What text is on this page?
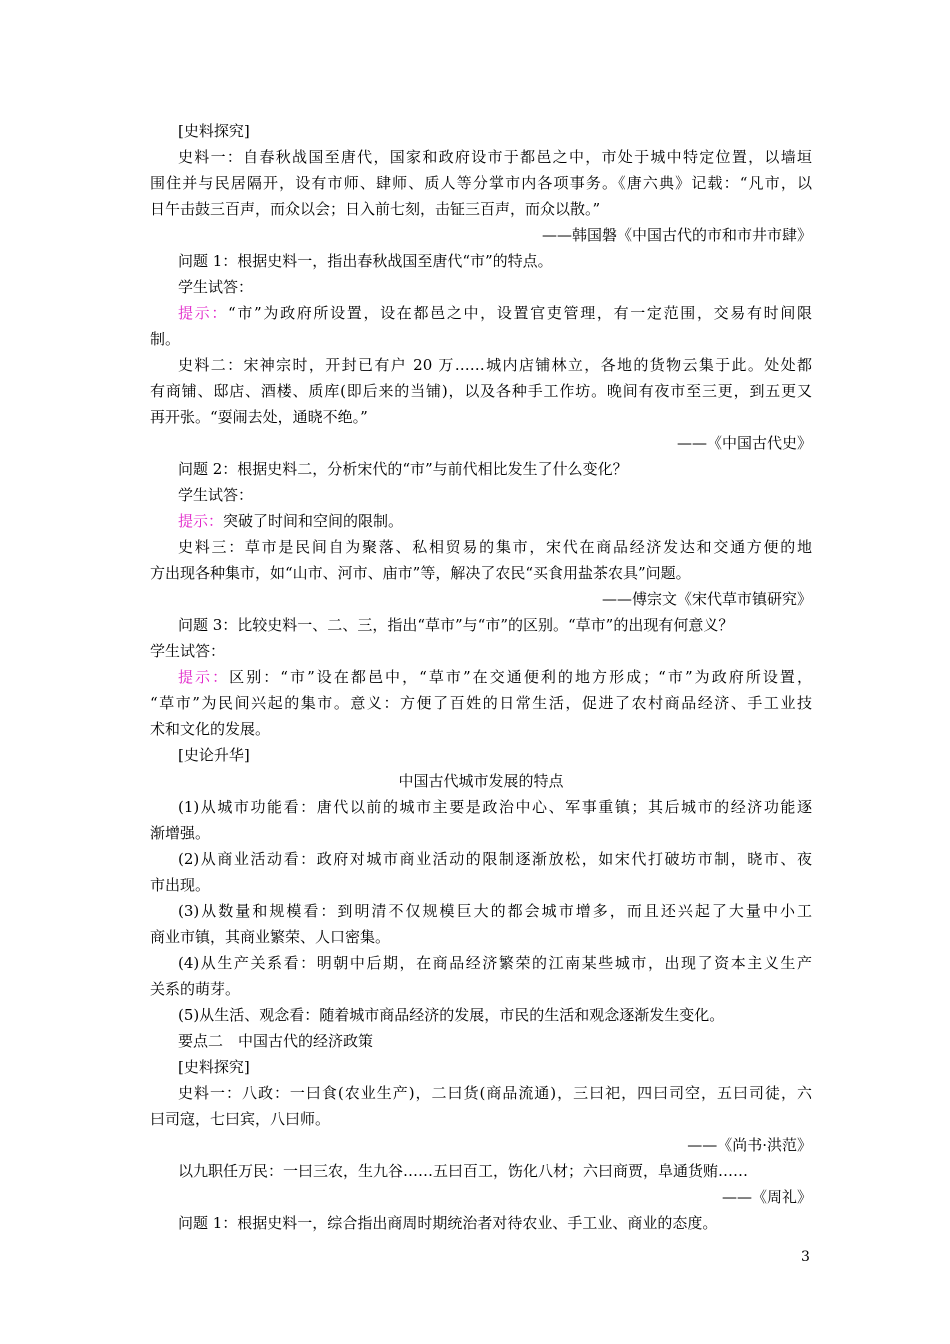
[史料探究]
史料一：自春秋战国至唐代，国家和政府设市于都邑之中，市处于城中特定位置，以墙垣
围住并与民居隔开，设有市师、肆师、质人等分掌市内各项事务。《唐六典》记载：“凡市，以
日午击鼓三百声，而众以会；日入前七刻，击钲三百声，而众以散。”
——韩国磐《中国古代的市和市井市肆》
问题 1：根据史料一，指出春秋战国至唐代“市”的特点。
学生试答：
提示：“市”为政府所设置，设在都邑之中，设置官吏管理，有一定范围，交易有时间限
制。
史料二：宋神宗时，开封已有户 20 万……城内店铺林立，各地的货物云集于此。处处都
有商铺、邸店、酒楼、质库(即后来的当铺)，以及各种手工作坊。晚间有夜市至三更，到五更又
再开张。“耍闹去处，通晓不绝。”
——《中国古代史》
问题 2：根据史料二，分析宋代的“市”与前代相比发生了什么变化？
学生试答：
提示：突破了时间和空间的限制。
史料三：草市是民间自为聚落、私相贸易的集市，宋代在商品经济发达和交通方便的地
方出现各种集市，如“山市、河市、庙市”等，解决了农民“买食用盐茶农具”问题。
——傅宗文《宋代草市镇研究》
问题 3：比较史料一、二、三，指出“草市”与“市”的区别。“草市”的出现有何意义？
学生试答：
提示：区别：“市”设在都邑中，“草市”在交通便利的地方形成；“市”为政府所设置，
“草市”为民间兴起的集市。意义：方便了百姓的日常生活，促进了农村商品经济、手工业技
术和文化的发展。
[史论升华]
中国古代城市发展的特点
(1)从城市功能看：唐代以前的城市主要是政治中心、军事重镇；其后城市的经济功能逐
渐增强。
(2)从商业活动看：政府对城市商业活动的限制逐渐放松，如宋代打破坊市制，晓市、夜
市出现。
(3)从数量和规模看：到明清不仅规模巨大的都会城市增多，而且还兴起了大量中小工
商业市镇，其商业繁荣、人口密集。
(4)从生产关系看：明朝中后期，在商品经济繁荣的江南某些城市，出现了资本主义生产
关系的萌芽。
(5)从生活、观念看：随着城市商品经济的发展，市民的生活和观念逐渐发生变化。
要点二　中国古代的经济政策
[史料探究]
史料一：八政：一曰食(农业生产)，二曰货(商品流通)，三曰祀，四曰司空，五曰司徒，六
曰司寇，七曰宾，八曰师。
——《尚书·洪范》
以九职任万民：一曰三农，生九谷……五曰百工，饬化八材；六曰商贾，阜通货贿……
——《周礼》
问题 1：根据史料一，综合指出商周时期统治者对待农业、手工业、商业的态度。
3
